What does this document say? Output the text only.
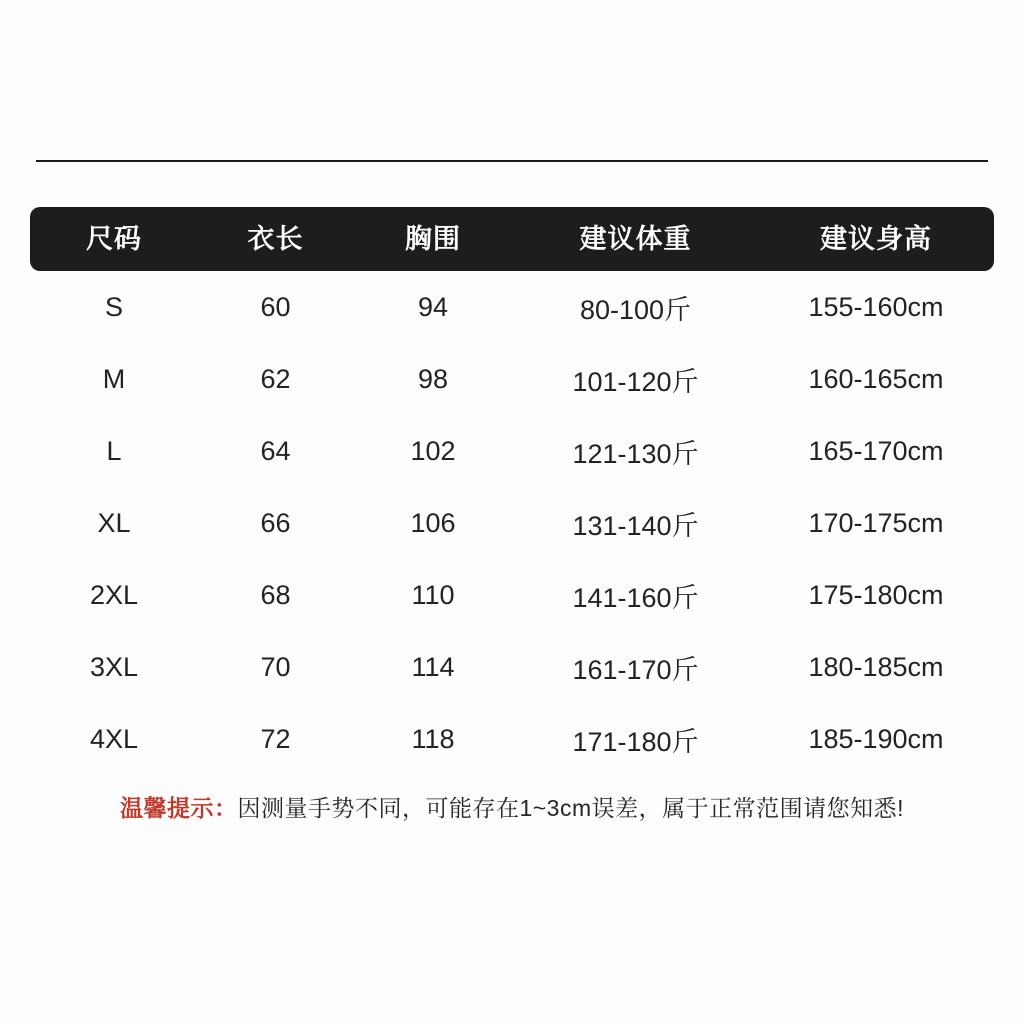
尺码	衣长	胸围	建议体重	建议身高
S	60	94	80-100斤	155-160cm
M	62	98	101-120斤	160-165cm
L	64	102	121-130斤	165-170cm
XL	66	106	131-140斤	170-175cm
2XL	68	110	141-160斤	175-180cm
3XL	70	114	161-170斤	180-185cm
4XL	72	118	171-180斤	185-190cm
温馨提示：因测量手势不同，可能存在1~3cm误差，属于正常范围请您知悉!
